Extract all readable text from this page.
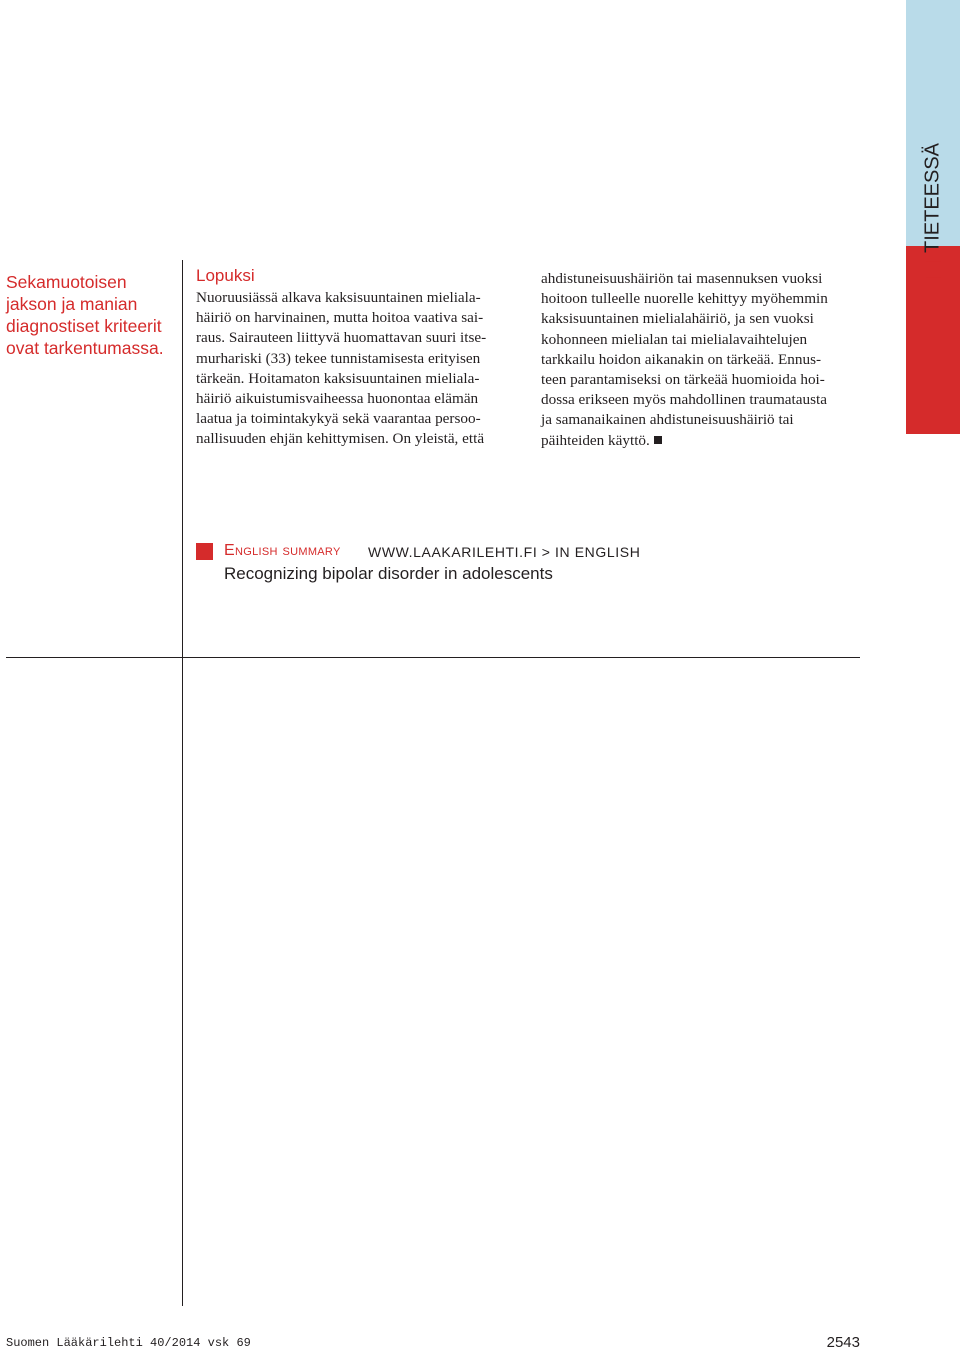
TIETEESSÄ
Sekamuotoisen
jakson ja manian
diagnostiset kriteerit
ovat tarkentumassa.
Lopuksi
Nuoruusiässä alkava kaksisuuntainen mieliala-
häiriö on harvinainen, mutta hoitoa vaativa sai-
raus. Sairauteen liittyvä huomattavan suuri itse-
murhariski (33) tekee tunnistamisesta erityisen
tärkeän. Hoitamaton kaksisuuntainen mieliala-
häiriö aikuistumisvaiheessa huonontaa elämän
laatua ja toimintakykyä sekä vaarantaa persoo-
nallisuuden ehjän kehittymisen. On yleistä, että
ahdistuneisuushäiriön tai masennuksen vuoksi
hoitoon tulleelle nuorelle kehittyy myöhemmin
kaksisuuntainen mielialahäiriö, ja sen vuoksi
kohonneen mielialan tai mielialavaihtelujen
tarkkailu hoidon aikanakin on tärkeää. Ennus-
teen parantamiseksi on tärkeää huomioida hoi-
dossa erikseen myös mahdollinen traumatausta
ja samanaikainen ahdistuneisuushäiriö tai
päihteiden käyttö.
English summary WWW.LAAKARILEHTI.FI > IN ENGLISH
Recognizing bipolar disorder in adolescents
Suomen Lääkärilehti 40/2014 vsk 69	2543
